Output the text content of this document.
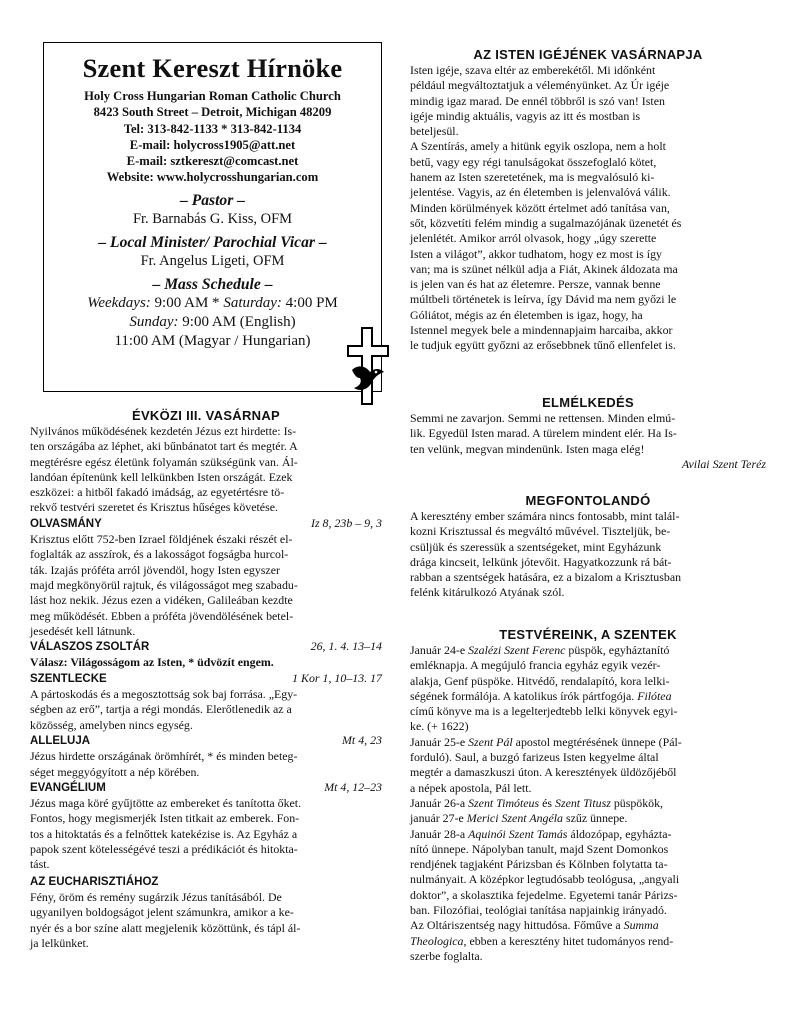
Szent Kereszt Hírnöke
Holy Cross Hungarian Roman Catholic Church
8423 South Street – Detroit, Michigan 48209
Tel: 313-842-1133 * 313-842-1134
E-mail: holycross1905@att.net
E-mail: sztkereszt@comcast.net
Website: www.holycrosshungarian.com
– Pastor –
Fr. Barnabás G. Kiss, OFM
– Local Minister/ Parochial Vicar –
Fr. Angelus Ligeti, OFM
– Mass Schedule –
Weekdays: 9:00 AM * Saturday: 4:00 PM
Sunday: 9:00 AM (English)
11:00 AM (Magyar / Hungarian)
ÉVKÖZI III. VASÁRNAP
Nyilvános működésének kezdetén Jézus ezt hirdette: Is-
ten országába az léphet, aki bűnbánatot tart és megtér. A
megtérésre egész életünk folyamán szükségünk van. Ál-
landóan építenünk kell lelkünkben Isten országát. Ezek
eszközei: a hitből fakadó imádság, az egyetértésre tö-
rekvő testvéri szeretet és Krisztus hűséges követése.
OLVASMÁNY	Iz 8, 23b – 9, 3
Krisztus előtt 752-ben Izrael földjének északi részét el-
foglalták az asszírok, és a lakosságot fogságba hurcol-
ták. Izajás próféta arról jövendöl, hogy Isten egyszer
majd megkönyörül rajtuk, és világosságot meg szabadu-
lást hoz nekik. Jézus ezen a vidéken, Galileában kezdte
meg működését. Ebben a próféta jövendölésének betel-
jesedését kell látnunk.
VÁLASZOS ZSOLTÁR	26, 1. 4. 13–14
Válasz: Világosságom az Isten, * üdvözít engem.
SZENTLECKE	1 Kor 1, 10–13. 17
A pártoskodás és a megosztottság sok baj forrása. „Egy-
ségben az erő”, tartja a régi mondás. Elerőtlenedik az a
közösség, amelyben nincs egység.
ALLELUJA	Mt 4, 23
Jézus hirdette országának örömhírét, * és minden beteg-
séget meggyógyított a nép körében.
EVANGÉLIUM	Mt 4, 12–23
Jézus maga köré gyűjtötte az embereket és tanította őket.
Fontos, hogy megismerjék Isten titkait az emberek. Fon-
tos a hitoktatás és a felnőttek katekézise is. Az Egyház a
papok szent kötelességévé teszi a prédikációt és hitokta-
tást.
AZ EUCHARISZTIÁHOZ
Fény, öröm és remény sugárzik Jézus tanításából. De
ugyanilyen boldogságot jelent számunkra, amikor a ke-
nyér és a bor színe alatt megjelenik közöttünk, és tápl ál-
ja lelkünket.
AZ ISTEN IGÉJÉNEK VASÁRNAPJA
Isten igéje, szava eltér az emberekétől. Mi időnként
például megváltoztatjuk a véleményünket. Az Úr igéje
mindig igaz marad. De ennél többről is szó van! Isten
igéje mindig aktuális, vagyis az itt és mostban is
beteljesül.
A Szentírás, amely a hitünk egyik oszlopa, nem a holt
betű, vagy egy régi tanulságokat összefoglaló kötet,
hanem az Isten szeretetének, ma is megvalósuló ki-
jelentése. Vagyis, az én életemben is jelenvalóvá válik.
Minden körülmények között értelmet adó tanítása van,
sőt, közvetíti felém mindig a sugalmazójának üzenetét és
jelenlétét. Amikor arról olvasok, hogy „úgy szerette
Isten a világot”, akkor tudhatom, hogy ez most is így
van; ma is szünet nélkül adja a Fiát, Akinek áldozata ma
is jelen van és hat az életemre. Persze, vannak benne
múltbeli történetek is leírva, így Dávid ma nem győzi le
Góliátot, mégis az én életemben is igaz, hogy, ha
Istennel megyek bele a mindennapjaim harcaiba, akkor
le tudjuk együtt győzni az erősebbnek tűnő ellenfelet is.
ELMÉLKEDÉS
Semmi ne zavarjon. Semmi ne rettensen. Minden elmú-
lik. Egyedül Isten marad. A türelem mindent elér. Ha Is-
ten velünk, megvan mindenünk. Isten maga elég!
Avilai Szent Teréz
MEGFONTOLANDÓ
A keresztény ember számára nincs fontosabb, mint talál-
kozni Krisztussal és megváltó művével. Tiszteljük, be-
csüljük és szeressük a szentségeket, mint Egyházunk
drága kincseit, lelkünk jótevőit. Hagyatkozzunk rá bát-
rabban a szentségek hatására, ez a bizalom a Krisztusban
felénk kitárulkozó Atyának szól.
TESTVÉREINK, A SZENTEK
Január 24-e Szalézi Szent Ferenc püspök, egyháztanító
emléknapja. A megújuló francia egyház egyik vezér-
alakja, Genf püspöke. Hitvédő, rendalapító, kora lelki-
ségének formálója. A katolikus írók pártfogója. Filótea
című könyve ma is a legelterjedtebb lelki könyvek egyi-
ke. (+ 1622)
Január 25-e Szent Pál apostol megtérésének ünnepe (Pál-
forduló). Saul, a buzgó farizeus Isten kegyelme által
megtér a damaszkuszi úton. A keresztények üldözőjéből
a népek apostola, Pál lett.
Január 26-a Szent Timóteus és Szent Titusz püspökök,
január 27-e Merici Szent Angéla szűz ünnepe.
Január 28-a Aquinói Szent Tamás áldozópap, egyházta-
nító ünnepe. Nápolyban tanult, majd Szent Domonkos
rendjének tagjaként Párizsban és Kölnben folytatta ta-
nulmányait. A középkor legtudósabb teológusa, „angyali
doktor”, a skolasztika fejedelme. Egyetemi tanár Párizs-
ban. Filozófiai, teológiai tanítása napjainkig irányadó.
Az Oltáriszentség nagy hittudósa. Főműve a Summa
Theologica, ebben a keresztény hitet tudományos rend-
szerbe foglalta.
